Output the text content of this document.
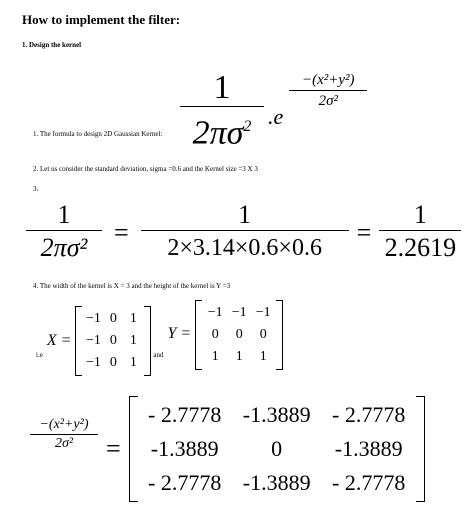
How to implement the filter:
1. Design the kernel
$\frac{1}{2\pi\sigma^2} .e$
$\frac{\text{−(x²+y²)}}{\text{2σ²}}$
1. The formula to design 2D Gaussian Kernel:
2. Let us consider the standard deviation, sigma =0.6 and the Kernel size =3 X 3
3.
$\frac{1}{\text{2πσ²}} = \frac{1}{2\times 3.14\times 0.6\times 0.6} = \frac{1}{2.2619}$
4. The width of the kernel is X = 3 and the height of the kernel is Y =3
i.e
X =
−1	0	1
−1	0	1
−1	0	1 and
Y =
−1	−1	−1
0	0	0
1	1	1
$\frac{\text{−(x²+y²)}}{\text{2σ²}}$ =
- 2.7778	-1.3889	- 2.7778
-1.3889	0	-1.3889
- 2.7778	-1.3889	- 2.7778
